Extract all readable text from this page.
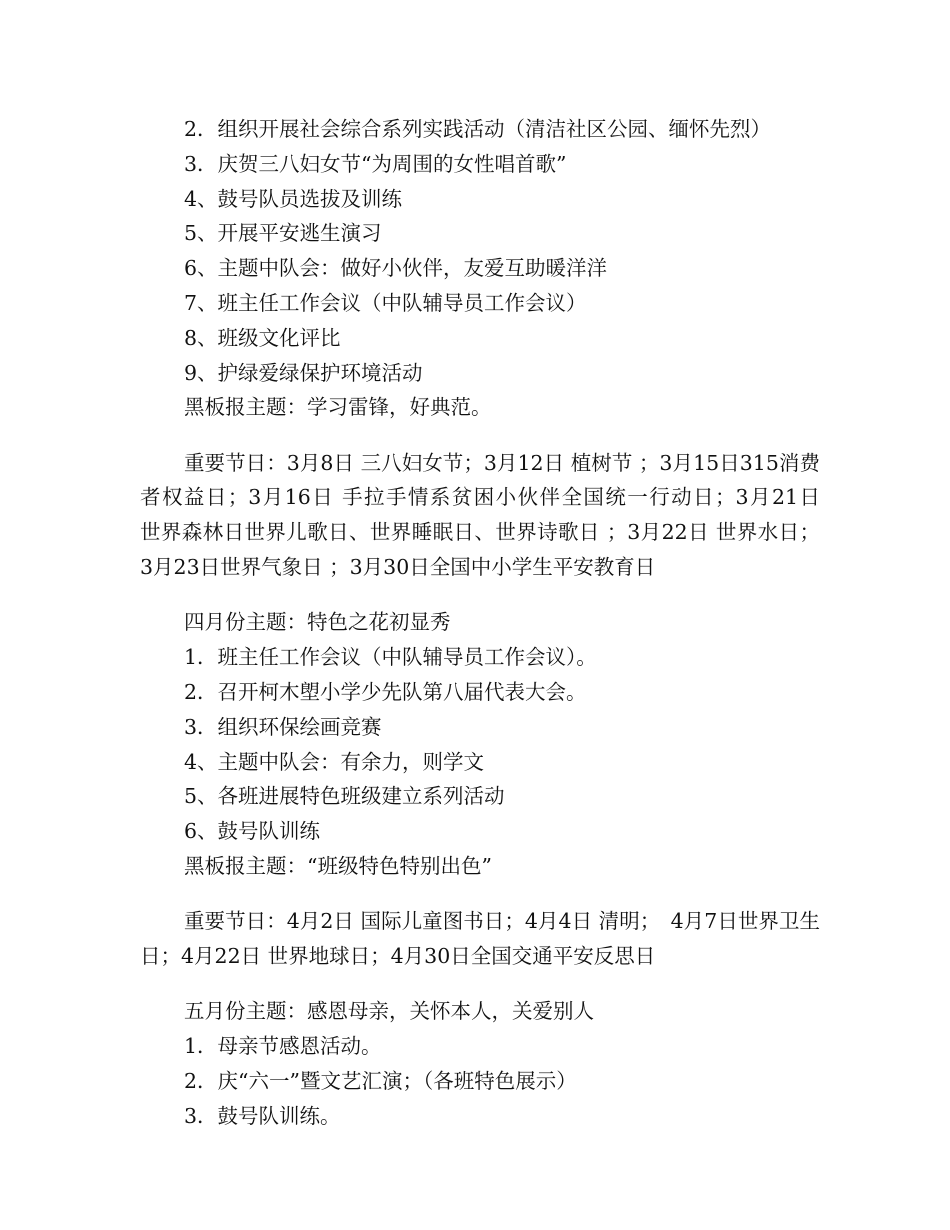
2．组织开展社会综合系列实践活动（清洁社区公园、缅怀先烈）

3．庆贺三八妇女节“为周围的女性唱首歌”

4、鼓号队员选拔及训练

5、开展平安逃生演习

6、主题中队会：做好小伙伴，友爱互助暖洋洋

7、班主任工作会议（中队辅导员工作会议）

8、班级文化评比

9、护绿爱绿保护环境活动

黑板报主题：学习雷锋，好典范。

重要节日：3月8日 三八妇女节；3月12日 植树节 ；3月15日315消费者权益日；3月16日 手拉手情系贫困小伙伴全国统一行动日；3月21日　　世界森林日世界儿歌日、世界睡眠日、世界诗歌日 ；3月22日 世界水日；3月23日世界气象日 ；3月30日全国中小学生平安教育日

四月份主题：特色之花初显秀

1．班主任工作会议（中队辅导员工作会议）。

2．召开柯木塱小学少先队第八届代表大会。

3．组织环保绘画竞赛

4、主题中队会：有余力，则学文

5、各班进展特色班级建立系列活动

6、鼓号队训练

黑板报主题：“班级特色特别出色”

重要节日：4月2日 国际儿童图书日；4月4日 清明；　4月7日世界卫生日；4月22日 世界地球日；4月30日全国交通平安反思日

五月份主题：感恩母亲，关怀本人，关爱别人

1．母亲节感恩活动。

2．庆“六一”暨文艺汇演；（各班特色展示）

3．鼓号队训练。
